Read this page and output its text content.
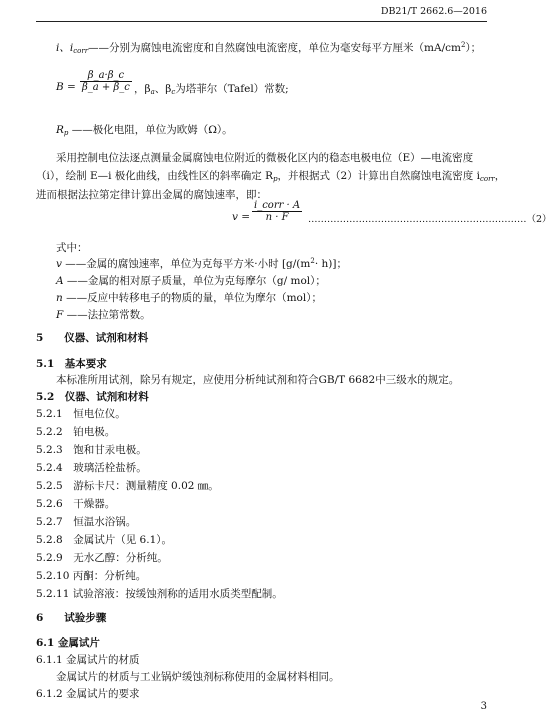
DB21/T 2662.6—2016
i、$i_{corr}——$分别为腐蚀电流密度和自然腐蚀电流密度，单位为毫安每平方厘米$(mA/cm^2)$；
$B = \frac{\beta\_a\cdot\beta\_c}{\beta\_a + \beta\_c}$ ，$\beta_a$、$\beta_c$为塔菲尔（Tafel）常数;
$R_p$ ——极化电阻，单位为欧姆（Ω）。
采用控制电位法逐点测量金属腐蚀电位附近的微极化区内的稳态电极电位（E）—电流密度
（i），绘制 E—i 极化曲线，由线性区的斜率确定 $R_p$，并根据式（2）计算出自然腐蚀电流密度 $i_{corr}$，
进而根据法拉第定律计算出金属的腐蚀速率，即：
v =
i_corr · A
n · F	……………………………………………………………（2）
式中：
v ——金属的腐蚀速率，单位为克每平方米·小时 $[g/(m^2\cdot h)]$；
A ——金属的相对原子质量，单位为克每摩尔（g/ mol）；
n ——反应中转移电子的物质的量，单位为摩尔（mol）；
F ——法拉第常数。
5　　仪器、试剂和材料
5.1　基本要求
本标准所用试剂，除另有规定，应使用分析纯试剂和符合GB/T 6682中三级水的规定。
5.2　仪器、试剂和材料
5.2.1　恒电位仪。
5.2.2　铂电极。
5.2.3　饱和甘汞电极。
5.2.4　玻璃活栓盐桥。
5.2.5　游标卡尺：测量精度 0.02 ㎜。
5.2.6　干燥器。
5.2.7　恒温水浴锅。
5.2.8　金属试片（见 6.1）。
5.2.9　无水乙醇：分析纯。
5.2.10 丙酮：分析纯。
5.2.11 试验溶液：按缓蚀剂称的适用水质类型配制。
6　　试验步骤
6.1 金属试片
6.1.1 金属试片的材质
金属试片的材质与工业锅炉缓蚀剂标称使用的金属材料相同。
6.1.2 金属试片的要求
3
